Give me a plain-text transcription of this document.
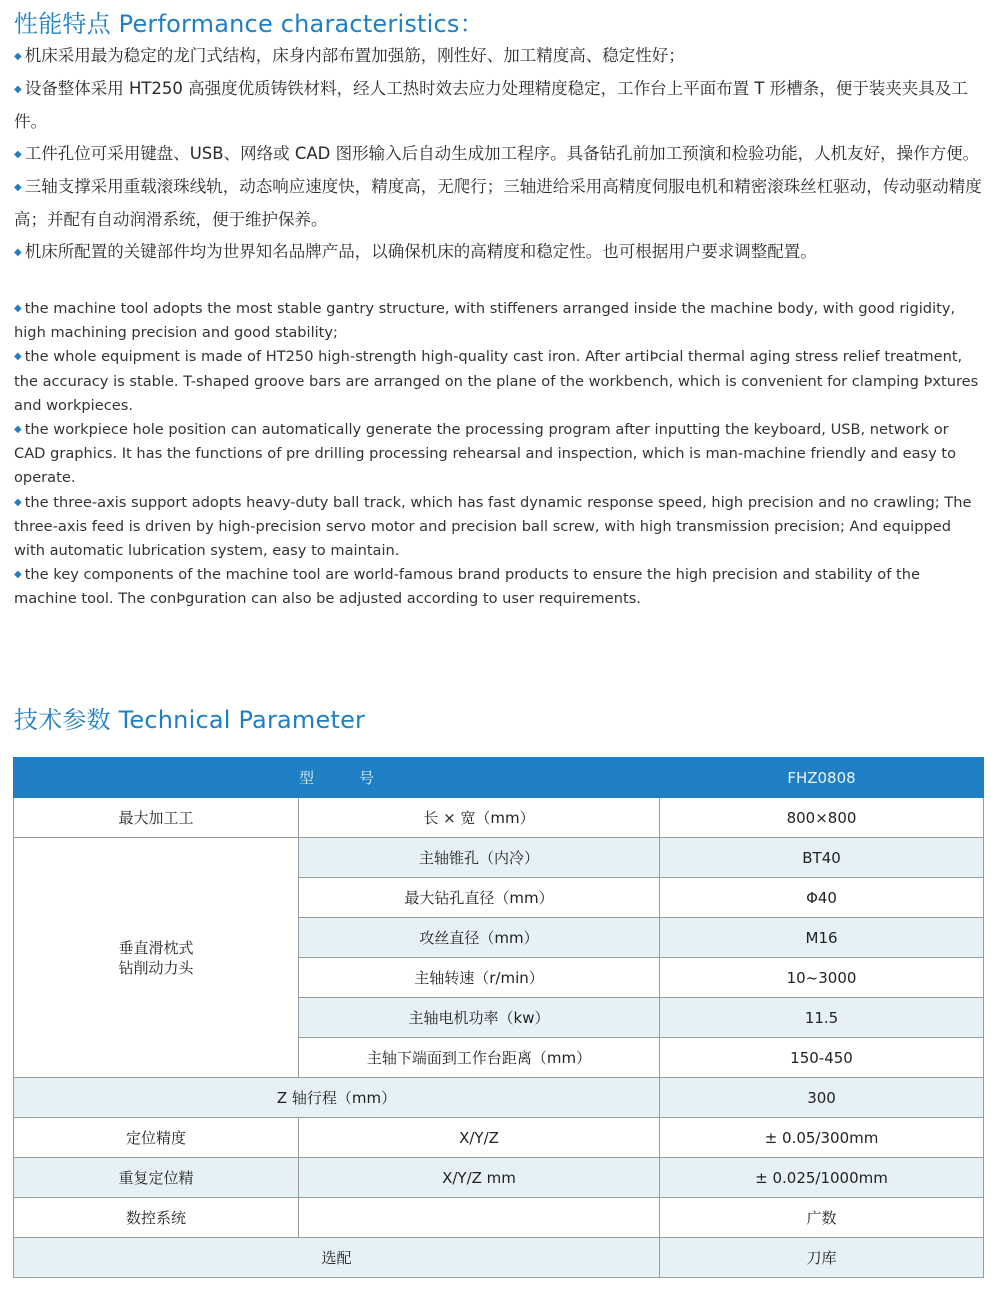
性能特点 Performance characteristics：

◆ 机床采用最为稳定的龙门式结构，床身内部布置加强筋，刚性好、加工精度高、稳定性好；

◆ 设备整体采用 HT250 高强度优质铸铁材料，经人工热时效去应力处理精度稳定，工作台上平面布置 T 形槽条，便于装夹夹具及工件。

◆ 工件孔位可采用键盘、USB、网络或 CAD 图形输入后自动生成加工程序。具备钻孔前加工预演和检验功能，人机友好，操作方便。

◆ 三轴支撑采用重载滚珠线轨，动态响应速度快，精度高，无爬行；三轴进给采用高精度伺服电机和精密滚珠丝杠驱动，传动驱动精度高；并配有自动润滑系统，便于维护保养。

◆ 机床所配置的关键部件均为世界知名品牌产品，以确保机床的高精度和稳定性。也可根据用户要求调整配置。

◆ the machine tool adopts the most stable gantry structure, with stiffeners arranged inside the machine body, with good rigidity, high machining precision and good stability;

◆ the whole equipment is made of HT250 high-strength high-quality cast iron. After artiÞcial thermal aging stress relief treatment, the accuracy is stable. T-shaped groove bars are arranged on the plane of the workbench, which is convenient for clamping Þxtures and workpieces.

◆ the workpiece hole position can automatically generate the processing program after inputting the keyboard, USB, network or CAD graphics. It has the functions of pre drilling processing rehearsal and inspection, which is man-machine friendly and easy to operate.

◆ the three-axis support adopts heavy-duty ball track, which has fast dynamic response speed, high precision and no crawling; The three-axis feed is driven by high-precision servo motor and precision ball screw, with high transmission precision; And equipped with automatic lubrication system, easy to maintain.

◆ the key components of the machine tool are world-famous brand products to ensure the high precision and stability of the machine tool. The conÞguration can also be adjusted according to user requirements.

技术参数 Technical Parameter
型　　　号		FHZ0808
最大加工工	长 × 宽（mm）	800×800
垂直滑枕式
钻削动力头	主轴锥孔（内冷）	BT40
	最大钻孔直径（mm）	Φ40
	攻丝直径（mm）	M16
	主轴转速（r/min）	10~3000
	主轴电机功率（kw）	11.5
	主轴下端面到工作台距离（mm）	150-450
Z 轴行程（mm）		300
定位精度	X/Y/Z	± 0.05/300mm
重复定位精	X/Y/Z mm	± 0.025/1000mm
数控系统		广数
选配		刀库
